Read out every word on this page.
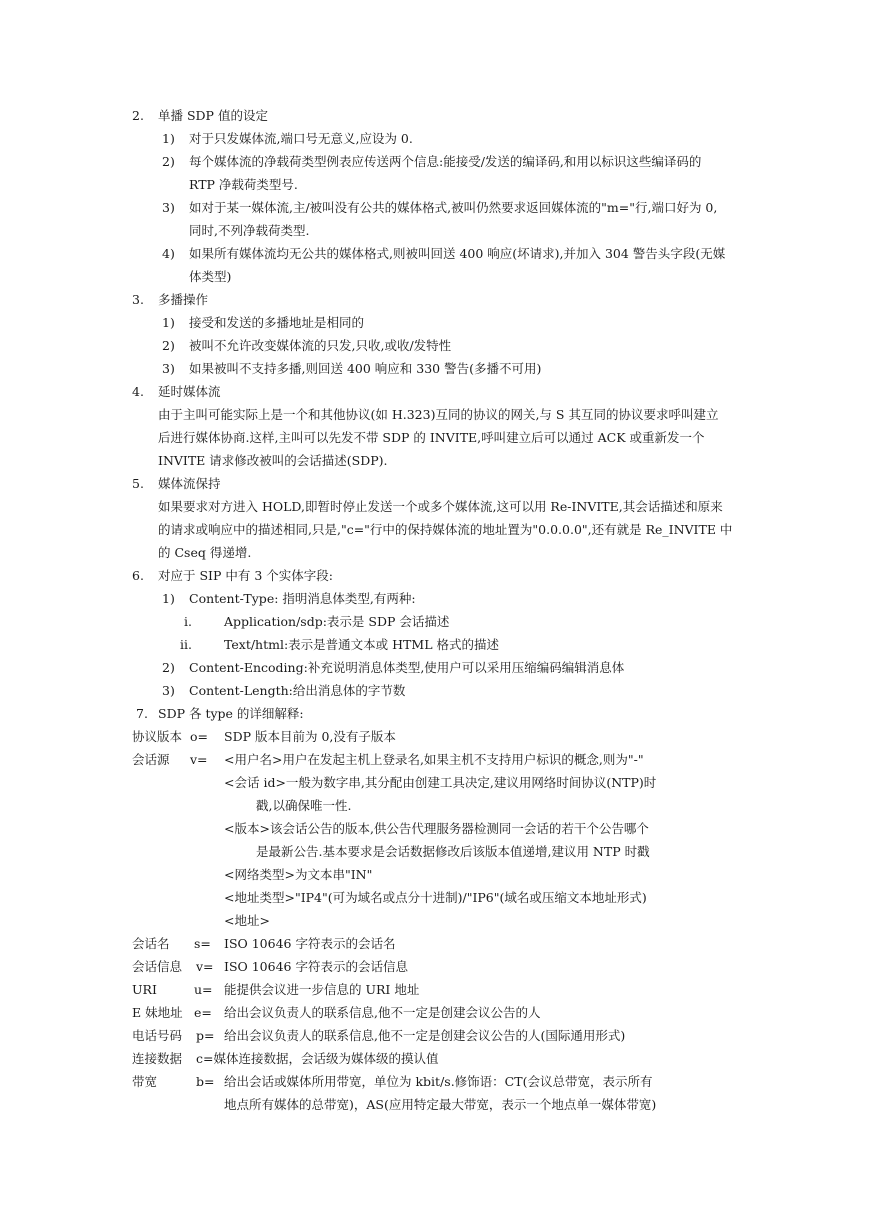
2. 单播 SDP 值的设定
1) 对于只发媒体流,端口号无意义,应设为 0.
2) 每个媒体流的净载荷类型例表应传送两个信息:能接受/发送的编译码,和用以标识这些编译码的
RTP 净载荷类型号.
3) 如对于某一媒体流,主/被叫没有公共的媒体格式,被叫仍然要求返回媒体流的"m="行,端口好为 0,
同时,不列净载荷类型.
4) 如果所有媒体流均无公共的媒体格式,则被叫回送 400 响应(坏请求),并加入 304 警告头字段(无媒
体类型)
3. 多播操作
1) 接受和发送的多播地址是相同的
2) 被叫不允许改变媒体流的只发,只收,或收/发特性
3) 如果被叫不支持多播,则回送 400 响应和 330 警告(多播不可用)
4. 延时媒体流
由于主叫可能实际上是一个和其他协议(如 H.323)互同的协议的网关,与 S 其互同的协议要求呼叫建立
后进行媒体协商.这样,主叫可以先发不带 SDP 的 INVITE,呼叫建立后可以通过 ACK 或重新发一个
INVITE 请求修改被叫的会话描述(SDP).
5. 媒体流保持
如果要求对方进入 HOLD,即暂时停止发送一个或多个媒体流,这可以用 Re-INVITE,其会话描述和原来
的请求或响应中的描述相同,只是,"c="行中的保持媒体流的地址置为"0.0.0.0",还有就是 Re_INVITE 中
的 Cseq 得递增.
6. 对应于 SIP 中有 3 个实体字段:
1) Content-Type: 指明消息体类型,有两种:
i.	Application/sdp:表示是 SDP 会话描述
ii.	Text/html:表示是普通文本或 HTML 格式的描述
2) Content-Encoding:补充说明消息体类型,使用户可以采用压缩编码编辑消息体
3) Content-Length:给出消息体的字节数
7. SDP 各 type 的详细解释:
协议版本 o= SDP 版本目前为 0,没有子版本
会话源 v= <用户名>用户在发起主机上登录名,如果主机不支持用户标识的概念,则为"-"
<会话 id>一般为数字串,其分配由创建工具决定,建议用网络时间协议(NTP)时
戳,以确保唯一性.
<版本>该会话公告的版本,供公告代理服务器检测同一会话的若干个公告哪个
是最新公告.基本要求是会话数据修改后该版本值递增,建议用 NTP 时戳
<网络类型>为文本串"IN"
<地址类型>"IP4"(可为域名或点分十进制)/"IP6"(域名或压缩文本地址形式)
<地址>
会话名 s= ISO 10646 字符表示的会话名
会话信息 v= ISO 10646 字符表示的会话信息
URI	u= 能提供会议进一步信息的 URI 地址
E 妹地址 e= 给出会议负责人的联系信息,他不一定是创建会议公告的人
电话号码 p= 给出会议负责人的联系信息,他不一定是创建会议公告的人(国际通用形式)
连接数据 c=媒体连接数据，会话级为媒体级的摸认值
带宽	b= 给出会话或媒体所用带宽，单位为 kbit/s.修饰语：CT(会议总带宽，表示所有
地点所有媒体的总带宽)，AS(应用特定最大带宽，表示一个地点单一媒体带宽)
